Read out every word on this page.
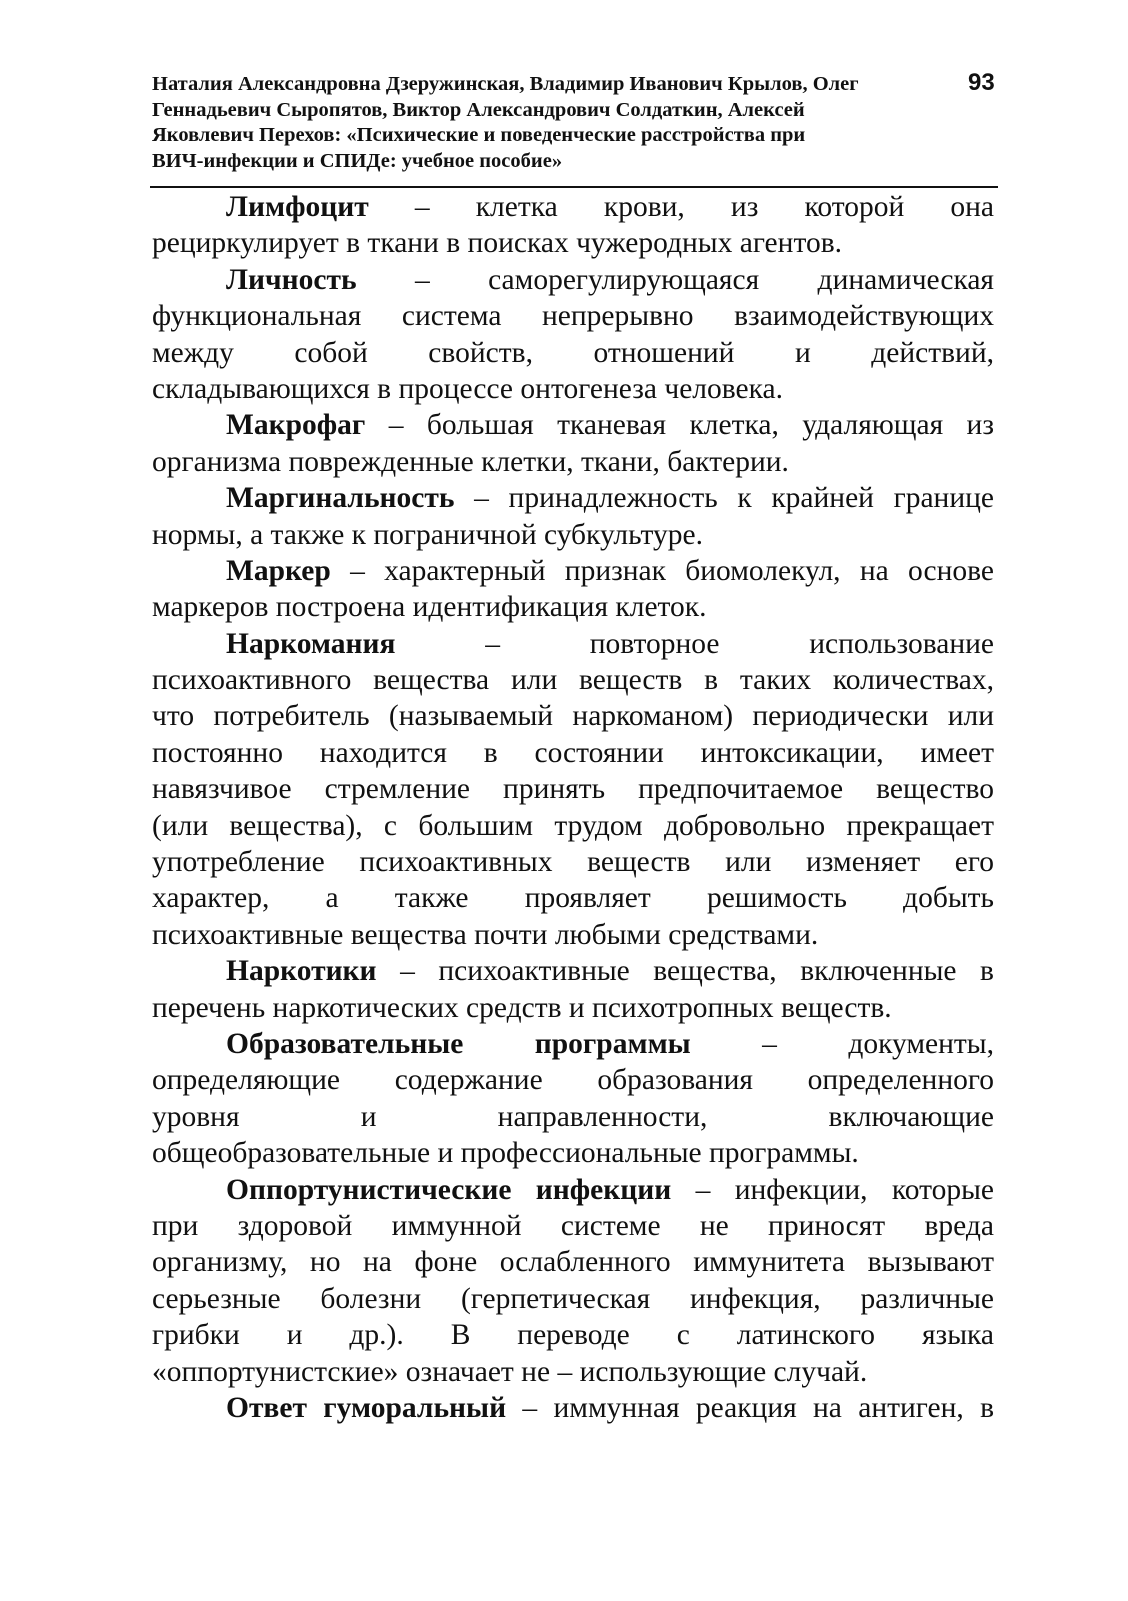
Наталия Александровна Дзеружинская, Владимир Иванович Крылов, Олег
Геннадьевич Сыропятов, Виктор Александрович Солдаткин, Алексей
Яковлевич Перехов: «Психические и поведенческие расстройства при
ВИЧ-инфекции и СПИДе: учебное пособие»
93
Лимфоцит – клетка крови, из которой она
рециркулирует в ткани в поисках чужеродных агентов.
Личность – саморегулирующаяся динамическая
функциональная система непрерывно взаимодействующих
между собой свойств, отношений и действий,
складывающихся в процессе онтогенеза человека.
Макрофаг – большая тканевая клетка, удаляющая из
организма поврежденные клетки, ткани, бактерии.
Маргинальность – принадлежность к крайней границе
нормы, а также к пограничной субкультуре.
Маркер – характерный признак биомолекул, на основе
маркеров построена идентификация клеток.
Наркомания – повторное использование
психоактивного вещества или веществ в таких количествах,
что потребитель (называемый наркоманом) периодически или
постоянно находится в состоянии интоксикации, имеет
навязчивое стремление принять предпочитаемое вещество
(или вещества), с большим трудом добровольно прекращает
употребление психоактивных веществ или изменяет его
характер, а также проявляет решимость добыть
психоактивные вещества почти любыми средствами.
Наркотики – психоактивные вещества, включенные в
перечень наркотических средств и психотропных веществ.
Образовательные программы – документы,
определяющие содержание образования определенного
уровня и направленности, включающие
общеобразовательные и профессиональные программы.
Оппортунистические инфекции – инфекции, которые
при здоровой иммунной системе не приносят вреда
организму, но на фоне ослабленного иммунитета вызывают
серьезные болезни (герпетическая инфекция, различные
грибки и др.). В переводе с латинского языка
«оппортунистские» означает не – использующие случай.
Ответ гуморальный – иммунная реакция на антиген, в
